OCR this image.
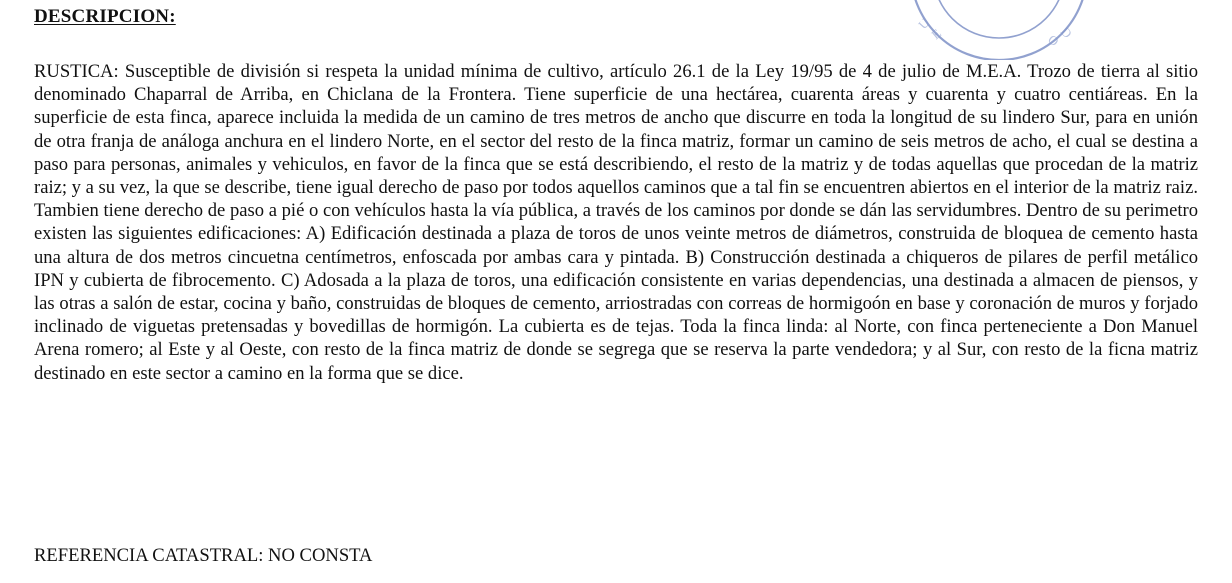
U
E	O
D
DESCRIPCION:

RUSTICA: Susceptible de división si respeta la unidad mínima de cultivo, artículo 26.1 de la Ley 19/95 de 4 de julio de M.E.A. Trozo de tierra al sitio denominado Chaparral de Arriba, en Chiclana de la Frontera. Tiene superficie de una hectárea, cuarenta áreas y cuarenta y cuatro centiáreas. En la superficie de esta finca, aparece incluida la medida de un camino de tres metros de ancho que discurre en toda la longitud de su lindero Sur, para en unión de otra franja de análoga anchura en el lindero Norte, en el sector del resto de la finca matriz, formar un camino de seis metros de acho, el cual se destina a paso para personas, animales y vehiculos, en favor de la finca que se está describiendo, el resto de la matriz y de todas aquellas que procedan de la matriz raiz; y a su vez, la que se describe, tiene igual derecho de paso por todos aquellos caminos que a tal fin se encuentren abiertos en el interior de la matriz raiz. Tambien tiene derecho de paso a pié o con vehículos hasta la vía pública, a través de los caminos por donde se dán las servidumbres. Dentro de su perimetro existen las siguientes edificaciones: A) Edificación destinada a plaza de toros de unos veinte metros de diámetros, construida de bloquea de cemento hasta una altura de dos metros cincuetna centímetros, enfoscada por ambas cara y pintada. B) Construcción destinada a chiqueros de pilares de perfil metálico IPN y cubierta de fibrocemento. C) Adosada a la plaza de toros, una edificación consistente en varias dependencias, una destinada a almacen de piensos, y las otras a salón de estar, cocina y baño, construidas de bloques de cemento, arriostradas con correas de hormigoón en base y coronación de muros y forjado inclinado de viguetas pretensadas y bovedillas de hormigón. La cubierta es de tejas. Toda la finca linda: al Norte, con finca perteneciente a Don Manuel Arena romero; al Este y al Oeste, con resto de la finca matriz de donde se segrega que se reserva la parte vendedora; y al Sur, con resto de la ficna matriz destinado en este sector a camino en la forma que se dice.

REFERENCIA CATASTRAL: NO CONSTA
